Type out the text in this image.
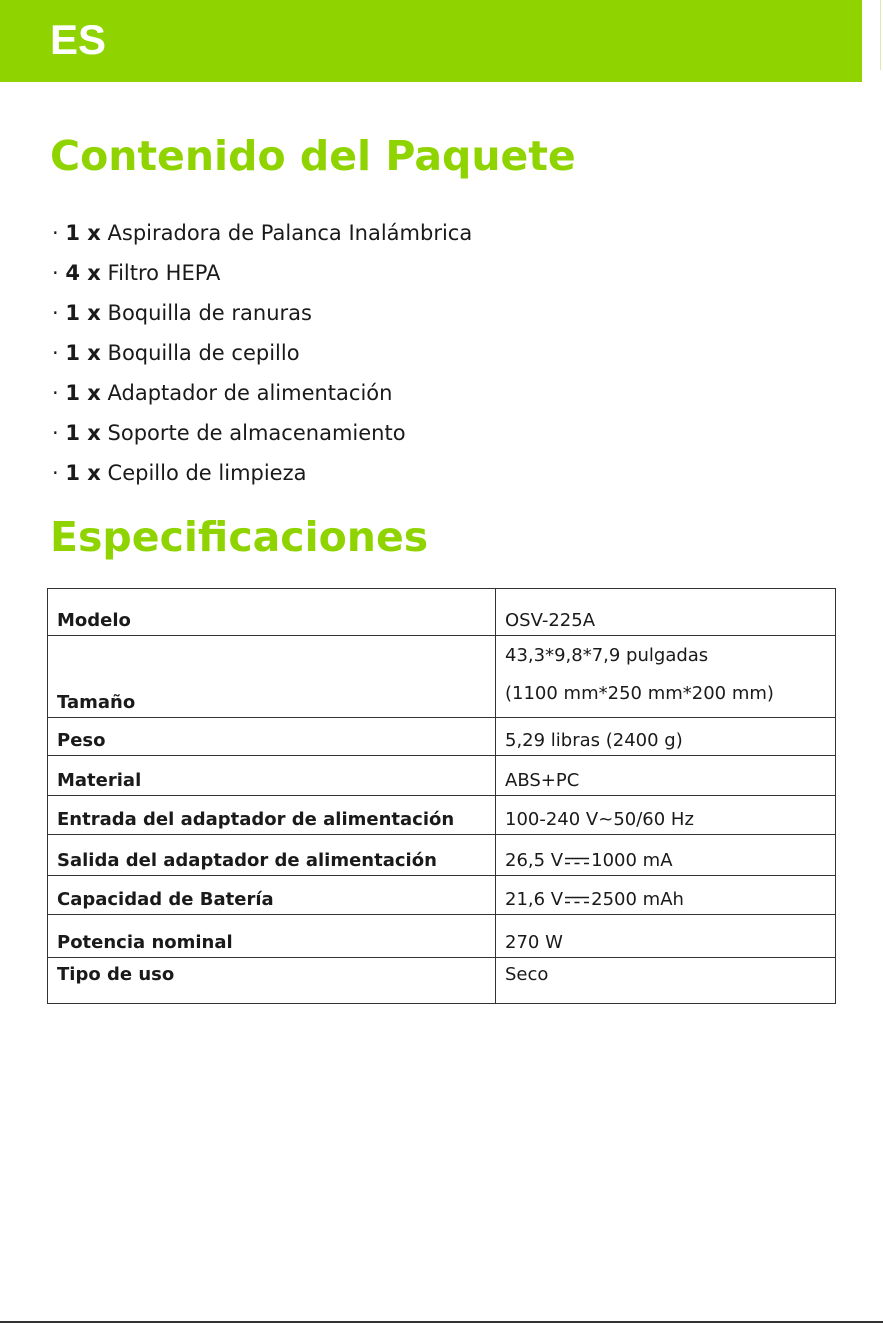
ES
Contenido del Paquete
· 1 x Aspiradora de Palanca Inalámbrica
· 4 x Filtro HEPA
· 1 x Boquilla de ranuras
· 1 x Boquilla de cepillo
· 1 x Adaptador de alimentación
· 1 x Soporte de almacenamiento
· 1 x Cepillo de limpieza
Especificaciones
Modelo	OSV-225A
Tamaño	43,3*9,8*7,9 pulgadas
(1100 mm*250 mm*200 mm)

Peso	5,29 libras (2400 g)
Material	ABS+PC
Entrada del adaptador de alimentación	100-240 V~50/60 Hz
Salida del adaptador de alimentación	26,5 V 1000 mA
Capacidad de Batería	21,6 V 2500 mAh
Potencia nominal	270 W
Tipo de uso	Seco
